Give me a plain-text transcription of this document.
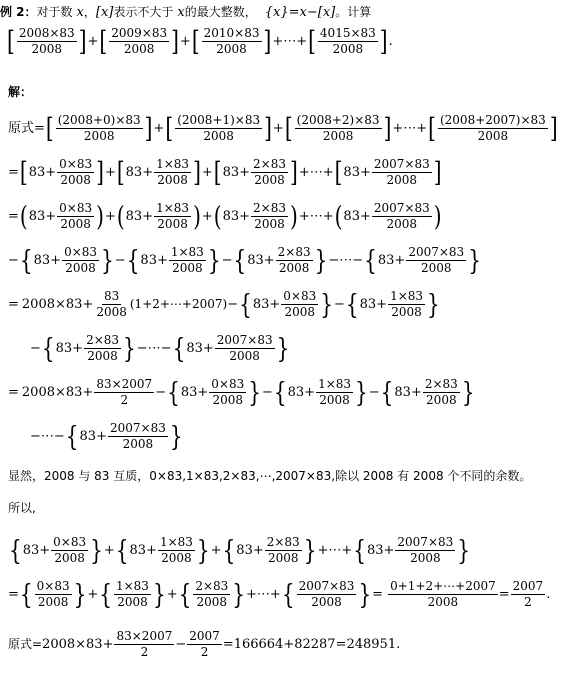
例 2： 对于数 x ， [x] 表示不大于 x 的最大整数， {x}=x−[x] 。计算
[ $\frac{2008\times 83}{2008}$ ] + [ $\frac{2009\times 83}{2008}$ ] + [ $\frac{2010\times 83}{2008}$ ] +⋯+ [ $\frac{4015\times 83}{2008}$ ] .
解：
原式 = [ $\frac{(2008+0)\times 83}{2008}$ ] + [ $\frac{(2008+1)\times 83}{2008}$ ] + [ $\frac{(2008+2)\times 83}{2008}$ ] +⋯+ [ $\frac{(2008+2007)\times 83}{2008}$ ]
= [ $83+ \frac{0\times 83}{2008}$ ] + [ $83+ \frac{1\times 83}{2008}$ ] + [ $83+ \frac{2\times 83}{2008}$ ] +⋯+ [ $83+ \frac{2007\times 83}{2008}$ ]
= ( $83+ \frac{0\times 83}{2008}$ ) + ( $83+ \frac{1\times 83}{2008}$ ) + ( $83+ \frac{2\times 83}{2008}$ ) +⋯+ ( $83+ \frac{2007\times 83}{2008}$ )
− { $83+ \frac{0\times 83}{2008}$ } − { $83+ \frac{1\times 83}{2008}$ } − { $83+ \frac{2\times 83}{2008}$ } −⋯− { $83+ \frac{2007\times 83}{2008}$ }
= $2008\times 83+ \frac{83}{2008}$ (1+2+⋯+2007) − { $83+ \frac{0\times 83}{2008}$ } − { $83+ \frac{1\times 83}{2008}$ }
− { $83+ \frac{2\times 83}{2008}$ } −⋯− { $83+ \frac{2007\times 83}{2008}$ }
= $2008\times 83+ \frac{83\times 2007}{2}$ − { $83+ \frac{0\times 83}{2008}$ } − { $83+ \frac{1\times 83}{2008}$ } − { $83+ \frac{2\times 83}{2008}$ }
−⋯− { $83+ \frac{2007\times 83}{2008}$ }
显然，2008 与 83 互质，0×83,1×83,2×83,⋯,2007×83,除以 2008 有 2008 个不同的余数。
所以,
{ $83+ \frac{0\times 83}{2008}$ } + { $83+ \frac{1\times 83}{2008}$ } + { $83+ \frac{2\times 83}{2008}$ } +⋯+ { $83+ \frac{2007\times 83}{2008}$ }
= { $\frac{0\times 83}{2008}$ } + { $\frac{1\times 83}{2008}$ } + { $\frac{2\times 83}{2008}$ } +⋯+ { $\frac{2007\times 83}{2008}$ } = $\frac{0+1+2+\cdots+2007}{2008} = \frac{2007}{2}$ .
原式= $2008\times 83+ \frac{83\times 2007}{2} - \frac{2007}{2} =166664+82287=248951$.
